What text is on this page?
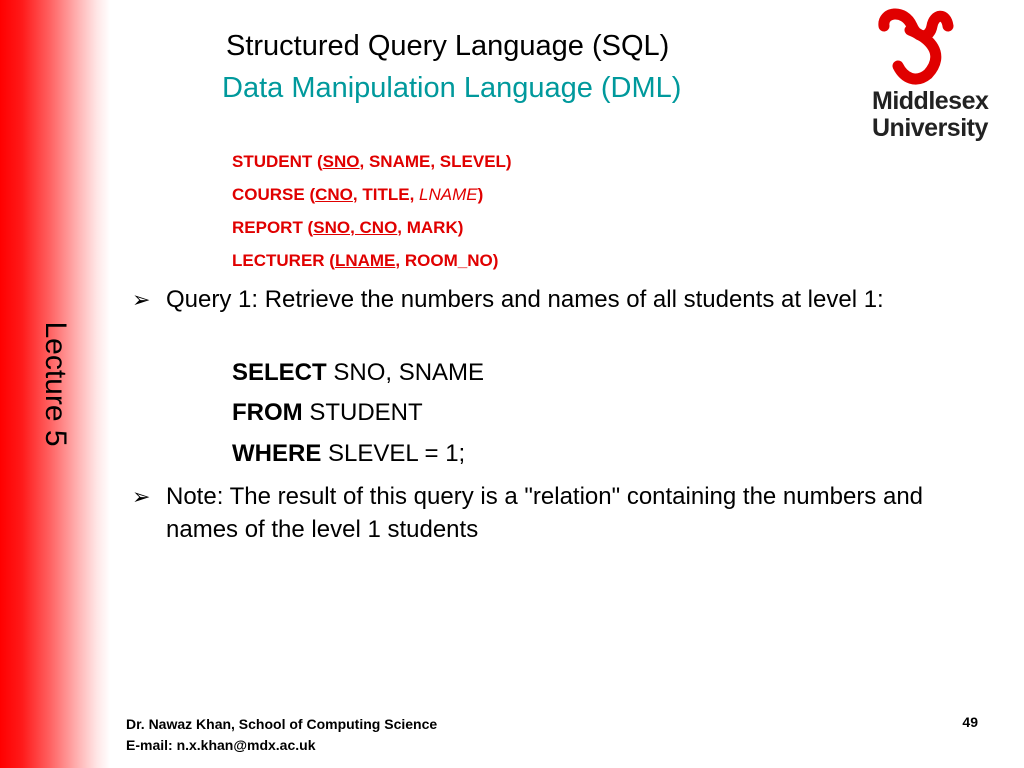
Lecture 5
Structured Query Language (SQL)
Data Manipulation Language (DML)	Middlesex
University
STUDENT (SNO, SNAME, SLEVEL)
COURSE (CNO, TITLE, LNAME)
REPORT (SNO, CNO, MARK)
LECTURER (LNAME, ROOM_NO)
➢ Query 1: Retrieve the numbers and names of all students at level 1:
SELECT SNO, SNAME
FROM STUDENT
WHERE SLEVEL = 1;
➢ Note: The result of this query is a "relation" containing the numbers and names of the level 1 students
Dr. Nawaz Khan, School of Computing Science
E-mail: n.x.khan@mdx.ac.uk
49
